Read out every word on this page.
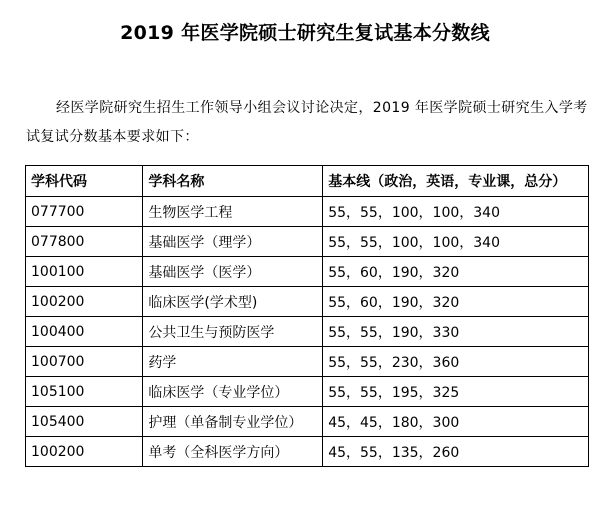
2019 年医学院硕士研究生复试基本分数线
经医学院研究生招生工作领导小组会议讨论决定，2019 年医学院硕士研究生入学考试复试分数基本要求如下：
学科代码	学科名称	基本线（政治，英语，专业课，总分）
077700	生物医学工程	55，55，100，100，340
077800	基础医学（理学）	55，55，100，100，340
100100	基础医学（医学）	55，60，190，320
100200	临床医学(学术型)	55，60，190，320
100400	公共卫生与预防医学	55，55，190，330
100700	药学	55，55，230，360
105100	临床医学（专业学位）	55，55，195，325
105400	护理（单备制专业学位）	45，45，180，300
100200	单考（全科医学方向）	45，55，135，260
